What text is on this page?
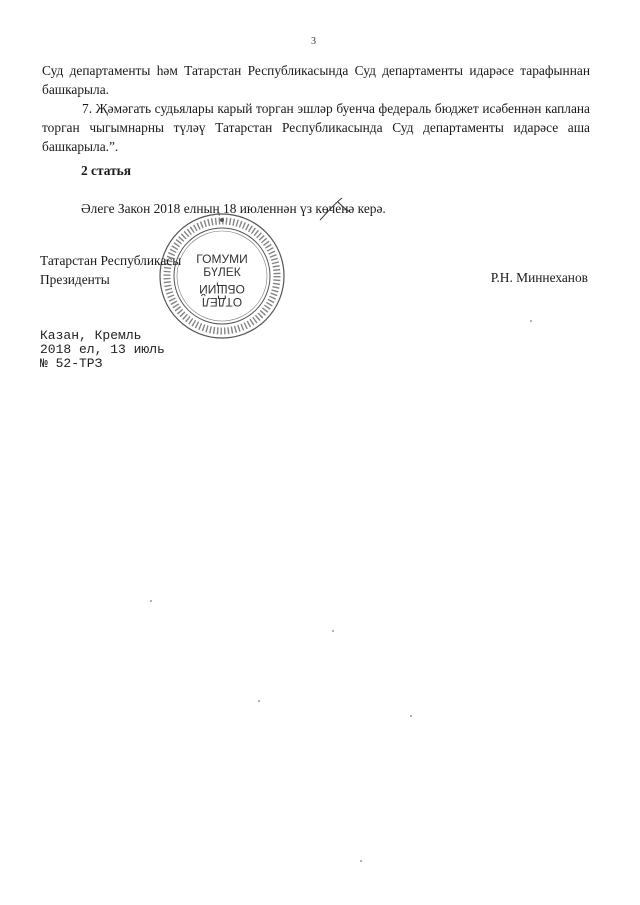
3

Суд департаменты һәм Татарстан Республикасында Суд департаменты идарәсе тарафыннан башкарыла.

7. Җәмәгать судьялары карый торган эшләр буенча федераль бюджет исәбеннән каплана торган чыгымнарны түләү Татарстан Республикасында Суд департаменты идарәсе аша башкарыла.”.

2 статья

Әлеге Закон 2018 елның 18 июленнән үз көченә керә.

ГОМУМИ
БҮЛЕК
ОБЩИЙ
ОТДЕЛ
Татарстан Республикасы
Президенты	Р.Н. Миннеханов

Казан, Кремль
2018 ел, 13 июль
№ 52-ТРЗ
